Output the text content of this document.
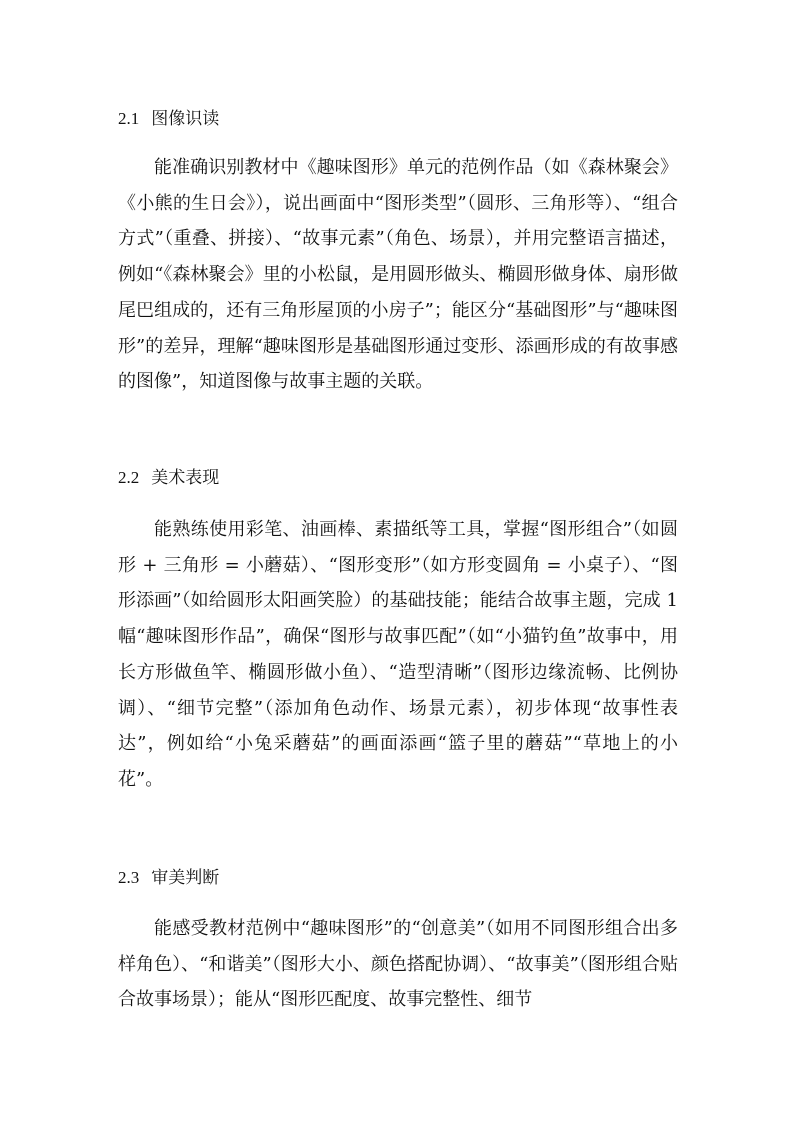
2.1 图像识读
能准确识别教材中《趣味图形》单元的范例作品（如《森林聚会》《小熊的生日会》），说出画面中“图形类型”（圆形、三角形等）、“组合方式”（重叠、拼接）、“故事元素”（角色、场景），并用完整语言描述，例如“《森林聚会》里的小松鼠，是用圆形做头、椭圆形做身体、扇形做尾巴组成的，还有三角形屋顶的小房子”；能区分“基础图形”与“趣味图形”的差异，理解“趣味图形是基础图形通过变形、添画形成的有故事感的图像”，知道图像与故事主题的关联。
2.2 美术表现
能熟练使用彩笔、油画棒、素描纸等工具，掌握“图形组合”（如圆形 + 三角形 = 小蘑菇）、“图形变形”（如方形变圆角 = 小桌子）、“图形添画”（如给圆形太阳画笑脸）的基础技能；能结合故事主题，完成 1 幅“趣味图形作品”，确保“图形与故事匹配”（如“小猫钓鱼”故事中，用长方形做鱼竿、椭圆形做小鱼）、“造型清晰”（图形边缘流畅、比例协调）、“细节完整”（添加角色动作、场景元素），初步体现“故事性表达”，例如给“小兔采蘑菇”的画面添画“篮子里的蘑菇”“草地上的小花”。
2.3 审美判断
能感受教材范例中“趣味图形”的“创意美”（如用不同图形组合出多样角色）、“和谐美”（图形大小、颜色搭配协调）、“故事美”（图形组合贴合故事场景）；能从“图形匹配度、故事完整性、细节
